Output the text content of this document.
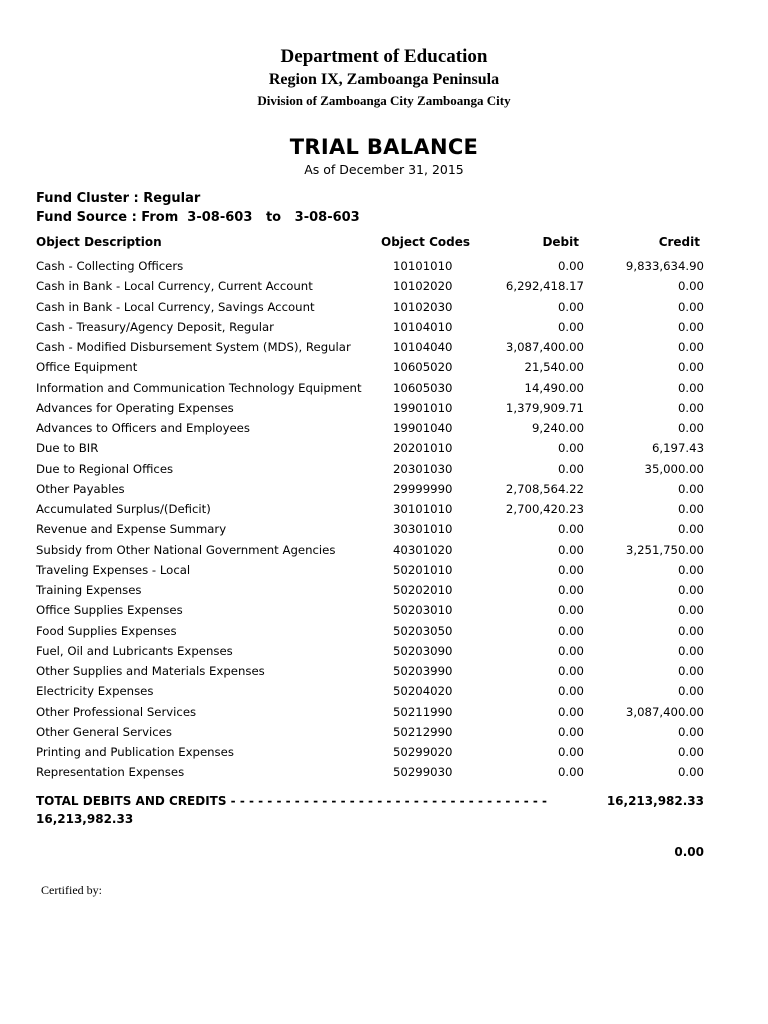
Department of Education
Region IX, Zamboanga Peninsula
Division of Zamboanga City Zamboanga City
TRIAL BALANCE
As of December 31, 2015
Fund Cluster : Regular
Fund Source : From  3-08-603   to   3-08-603
Object Description	Object Codes	Debit	Credit
Cash - Collecting Officers	10101010	0.00	9,833,634.90
Cash in Bank - Local Currency, Current Account	10102020	6,292,418.17	0.00
Cash in Bank - Local Currency, Savings Account	10102030	0.00	0.00
Cash - Treasury/Agency Deposit, Regular	10104010	0.00	0.00
Cash - Modified Disbursement System (MDS), Regular	10104040	3,087,400.00	0.00
Office Equipment	10605020	21,540.00	0.00
Information and Communication Technology Equipment	10605030	14,490.00	0.00
Advances for Operating Expenses	19901010	1,379,909.71	0.00
Advances to Officers and Employees	19901040	9,240.00	0.00
Due to BIR	20201010	0.00	6,197.43
Due to Regional Offices	20301030	0.00	35,000.00
Other Payables	29999990	2,708,564.22	0.00
Accumulated Surplus/(Deficit)	30101010	2,700,420.23	0.00
Revenue and Expense Summary	30301010	0.00	0.00
Subsidy from Other National Government Agencies	40301020	0.00	3,251,750.00
Traveling Expenses - Local	50201010	0.00	0.00
Training Expenses	50202010	0.00	0.00
Office Supplies Expenses	50203010	0.00	0.00
Food Supplies Expenses	50203050	0.00	0.00
Fuel, Oil and Lubricants Expenses	50203090	0.00	0.00
Other Supplies and Materials Expenses	50203990	0.00	0.00
Electricity Expenses	50204020	0.00	0.00
Other Professional Services	50211990	0.00	3,087,400.00
Other General Services	50212990	0.00	0.00
Printing and Publication Expenses	50299020	0.00	0.00
Representation Expenses	50299030	0.00	0.00
TOTAL DEBITS AND CREDITS - - - - - - - - - - - - - - - - - - - - - - - - - - - - - - - - - - -	16,213,982.33
16,213,982.33
0.00
Certified by:
